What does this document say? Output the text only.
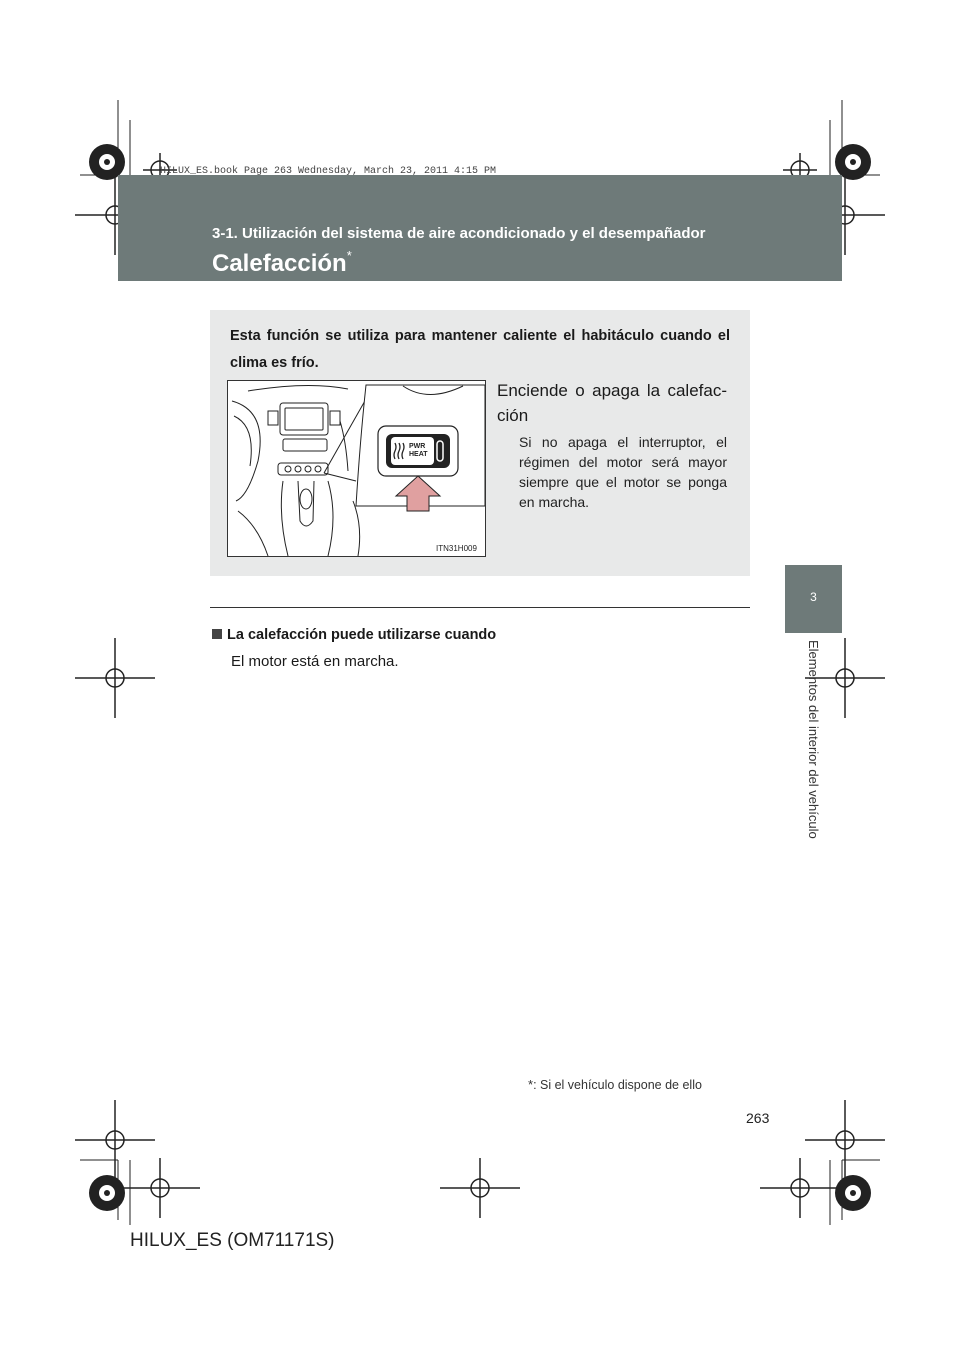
HILUX_ES.book Page 263 Wednesday, March 23, 2011 4:15 PM
3-1. Utilización del sistema de aire acondicionado y el desempañador
Calefacción*
3
Elementos del interior del vehículo
Esta función se utiliza para mantener caliente el habitáculo cuando el clima es frío.
PWR
HEAT
ITN31H009
Enciende o apaga la calefacción
Si no apaga el interruptor, el régimen del motor será mayor siempre que el motor se ponga en marcha.
La calefacción puede utilizarse cuando
El motor está en marcha.
*: Si el vehículo dispone de ello
263
HILUX_ES (OM71171S)
